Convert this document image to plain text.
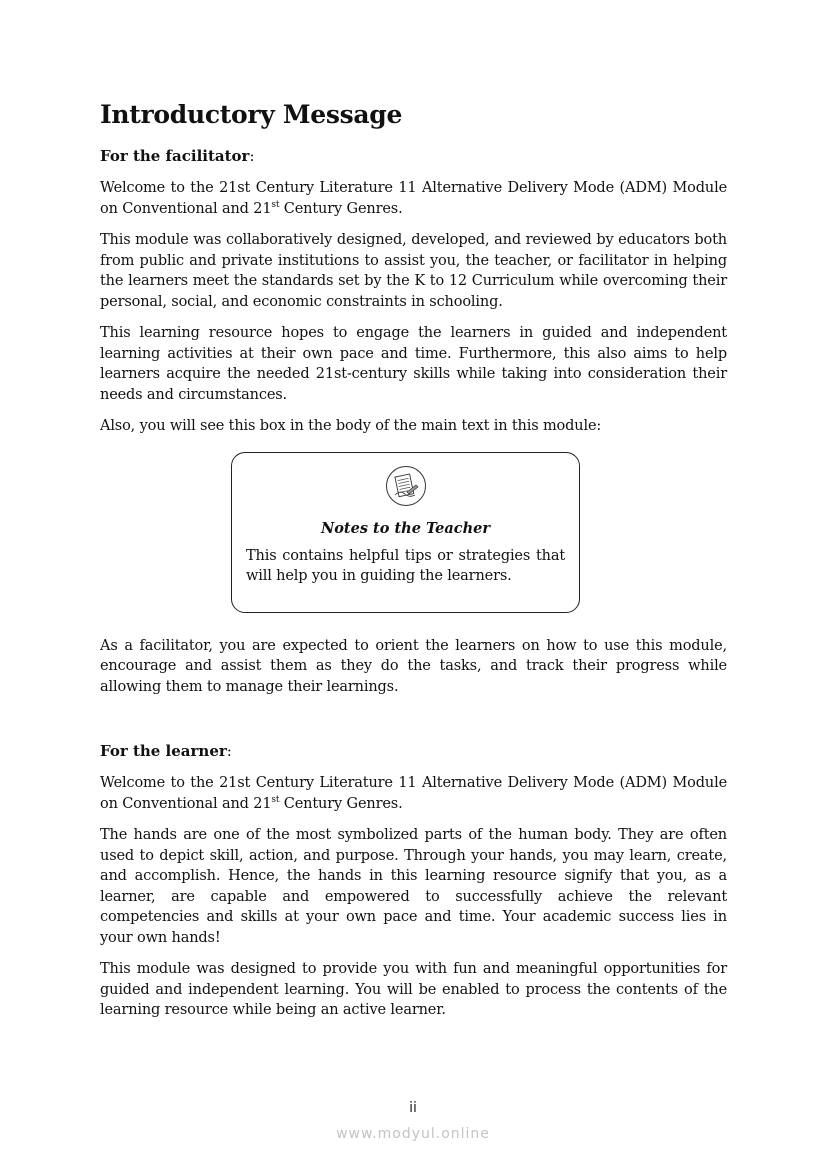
Introductory Message
For the facilitator:

Welcome to the 21st Century Literature 11 Alternative Delivery Mode (ADM) Module on Conventional and 21st Century Genres.

This module was collaboratively designed, developed, and reviewed by educators both from public and private institutions to assist you, the teacher, or facilitator in helping the learners meet the standards set by the K to 12 Curriculum while overcoming their personal, social, and economic constraints in schooling.

This learning resource hopes to engage the learners in guided and independent learning activities at their own pace and time. Furthermore, this also aims to help learners acquire the needed 21st-century skills while taking into consideration their needs and circumstances.

Also, you will see this box in the body of the main text in this module:

Notes to the Teacher
This contains helpful tips or strategies that will help you in guiding the learners.

As a facilitator, you are expected to orient the learners on how to use this module, encourage and assist them as they do the tasks, and track their progress while allowing them to manage their learnings.

For the learner:

Welcome to the 21st Century Literature 11 Alternative Delivery Mode (ADM) Module on Conventional and 21st Century Genres.

The hands are one of the most symbolized parts of the human body. They are often used to depict skill, action, and purpose. Through your hands, you may learn, create, and accomplish. Hence, the hands in this learning resource signify that you, as a learner, are capable and empowered to successfully achieve the relevant competencies and skills at your own pace and time. Your academic success lies in your own hands!

This module was designed to provide you with fun and meaningful opportunities for guided and independent learning. You will be enabled to process the contents of the learning resource while being an active learner.

ii
www.modyul.online
